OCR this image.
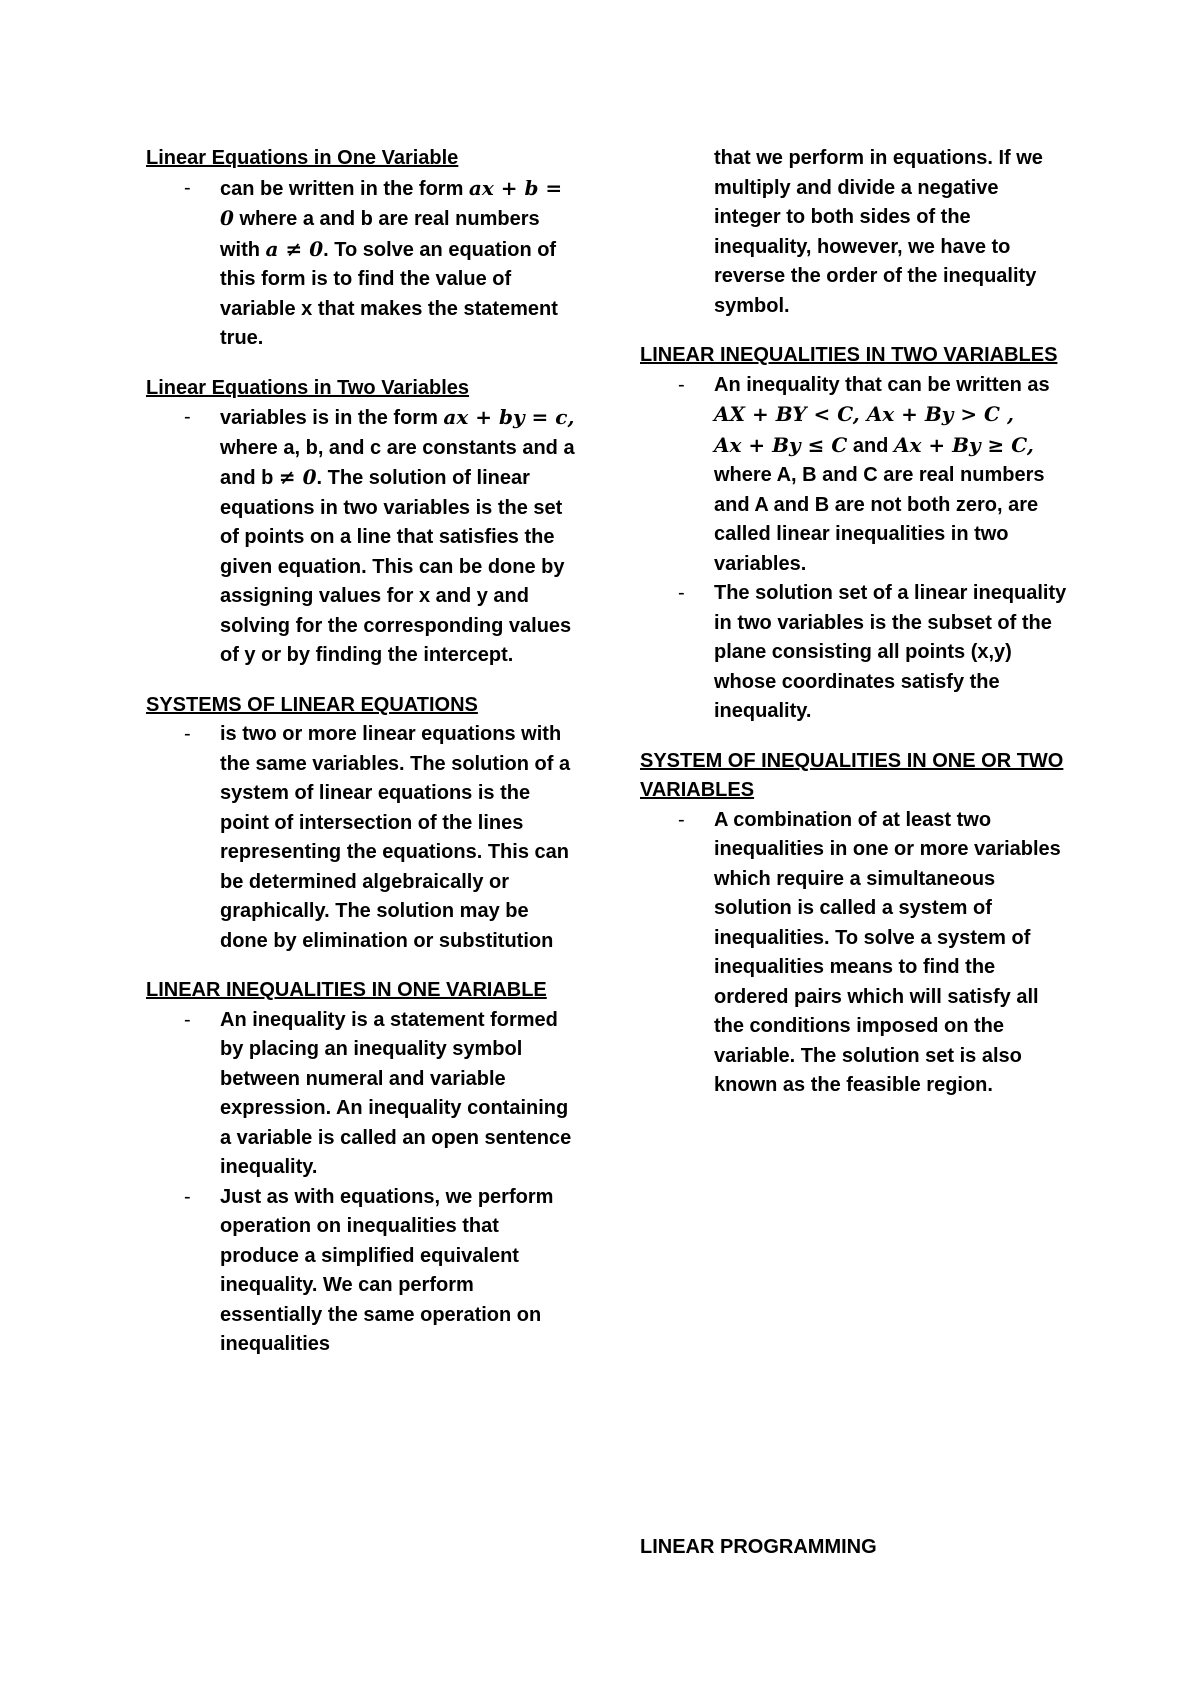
Linear Equations in One Variable

- can be written in the form ax + b = 0 where a and b are real numbers with a ≠ 0. To solve an equation of this form is to find the value of variable x that makes the statement true.

Linear Equations in Two Variables

- variables is in the form ax + by = c, where a, b, and c are constants and a and b ≠ 0. The solution of linear equations in two variables is the set of points on a line that satisfies the given equation. This can be done by assigning values for x and y and solving for the corresponding values of y or by finding the intercept.

SYSTEMS OF LINEAR EQUATIONS

- is two or more linear equations with the same variables. The solution of a system of linear equations is the point of intersection of the lines representing the equations. This can be determined algebraically or graphically. The solution may be done by elimination or substitution

LINEAR INEQUALITIES IN ONE VARIABLE

- An inequality is a statement formed by placing an inequality symbol between numeral and variable expression. An inequality containing a variable is called an open sentence inequality.

- Just as with equations, we perform operation on inequalities that produce a simplified equivalent inequality. We can perform essentially the same operation on inequalities

that we perform in equations. If we multiply and divide a negative integer to both sides of the inequality, however, we have to reverse the order of the inequality symbol.

LINEAR INEQUALITIES IN TWO VARIABLES

- An inequality that can be written as AX + BY < C, Ax + By > C ,
Ax + By ≤ C and Ax + By ≥ C, where A, B and C are real numbers and A and B are not both zero, are called linear inequalities in two variables.

- The solution set of a linear inequality in two variables is the subset of the plane consisting all points (x,y) whose coordinates satisfy the inequality.

SYSTEM OF INEQUALITIES IN ONE OR TWO VARIABLES

- A combination of at least two inequalities in one or more variables which require a simultaneous solution is called a system of inequalities. To solve a system of inequalities means to find the ordered pairs which will satisfy all the conditions imposed on the variable. The solution set is also known as the feasible region.

LINEAR PROGRAMMING
